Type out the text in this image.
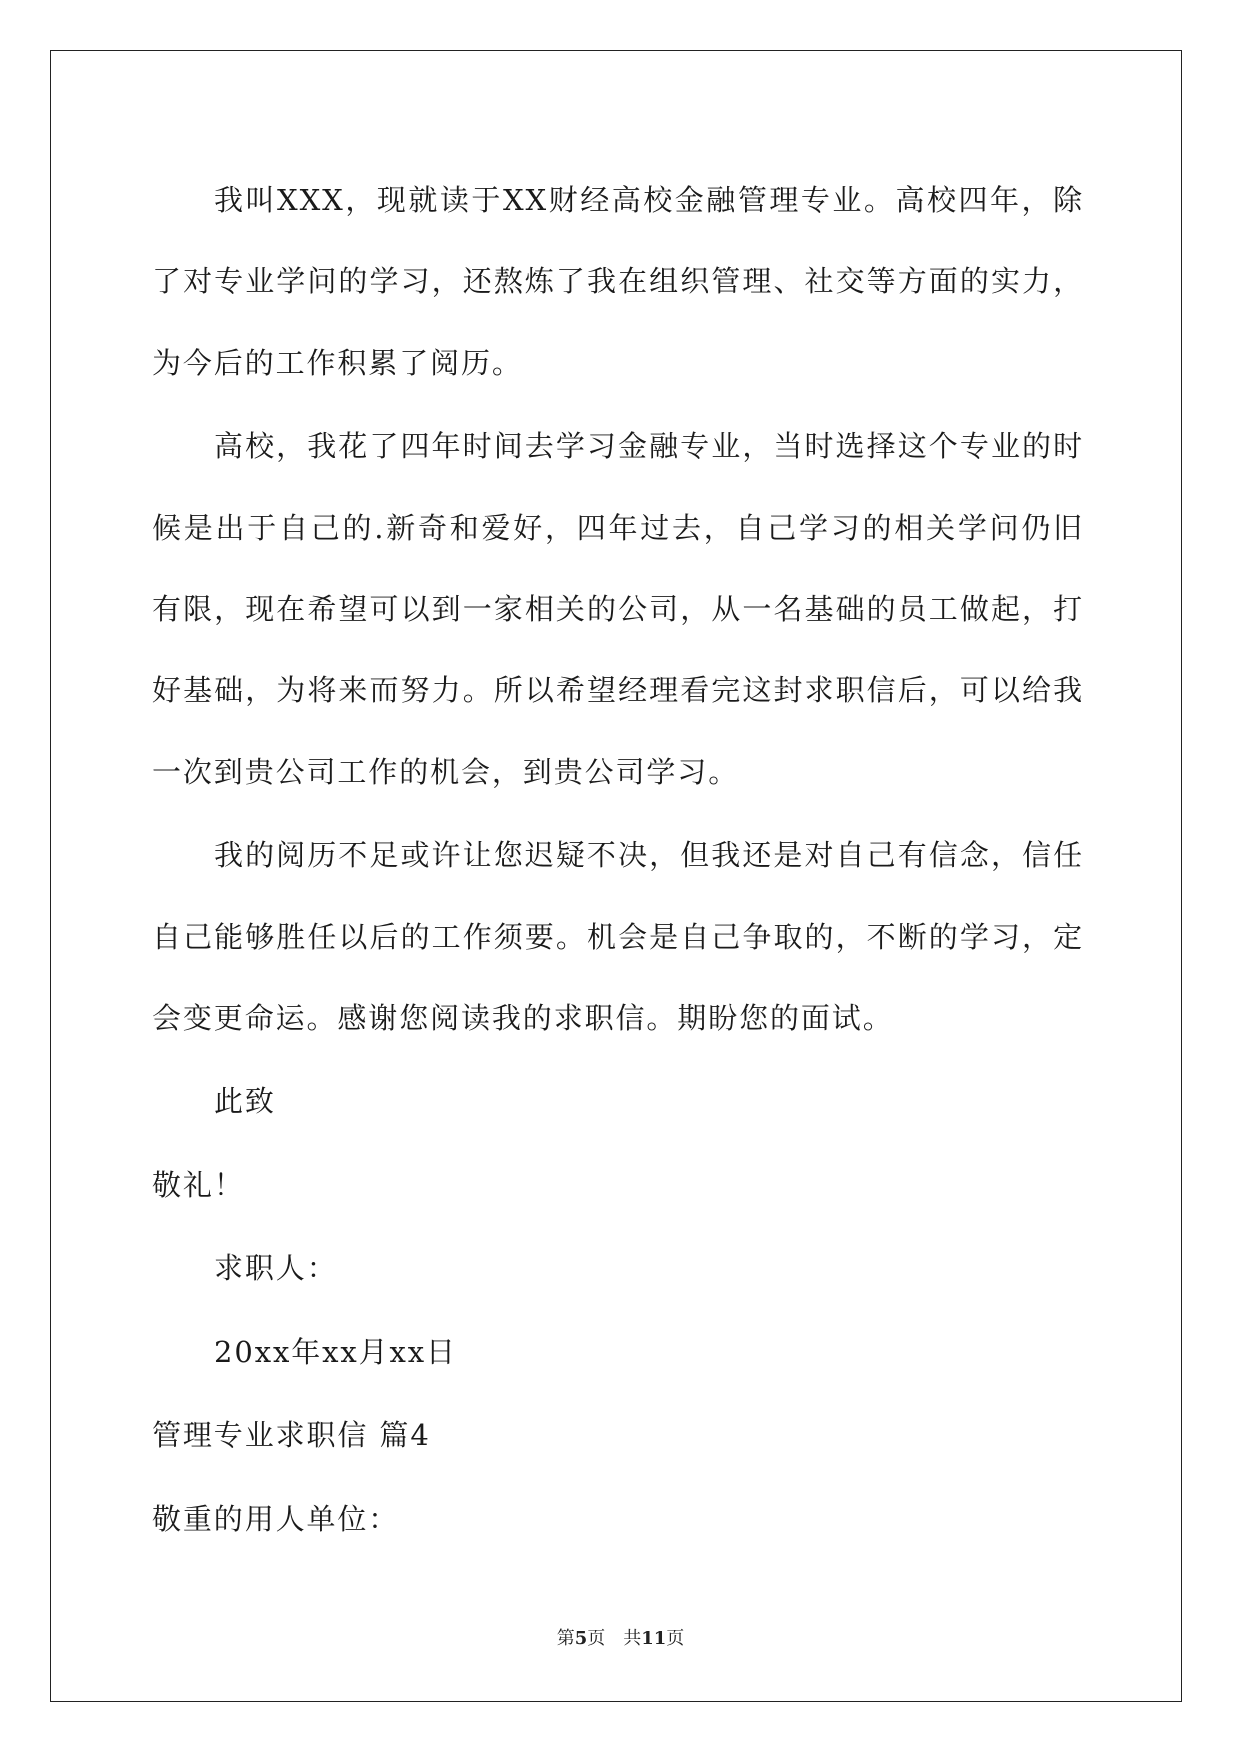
我叫XXX，现就读于XX财经高校金融管理专业。高校四年，除了对专业学问的学习，还熬炼了我在组织管理、社交等方面的实力，为今后的工作积累了阅历。

高校，我花了四年时间去学习金融专业，当时选择这个专业的时候是出于自己的.新奇和爱好，四年过去，自己学习的相关学问仍旧有限，现在希望可以到一家相关的公司，从一名基础的员工做起，打好基础，为将来而努力。所以希望经理看完这封求职信后，可以给我一次到贵公司工作的机会，到贵公司学习。

我的阅历不足或许让您迟疑不决，但我还是对自己有信念，信任自己能够胜任以后的工作须要。机会是自己争取的，不断的学习，定会变更命运。感谢您阅读我的求职信。期盼您的面试。

此致

敬礼！

求职人：

20xx年xx月xx日

管理专业求职信 篇4

敬重的用人单位：

第5页　共11页
